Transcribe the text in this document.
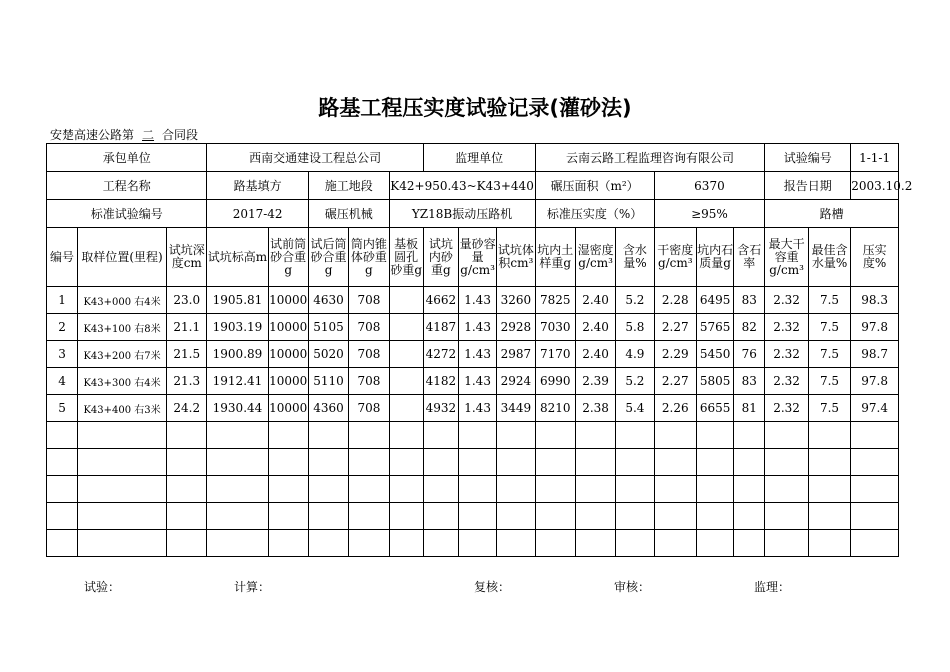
路基工程压实度试验记录(灌砂法)
安楚高速公路第 二 合同段
承包单位			西南交通建设工程总公司					监理单位			云南云路工程监理咨询有限公司						试验编号		1-1-1
工程名称			路基填方		施工地段		K42+950.43~K43+440				碾压面积（m²）			6370			报告日期		2003.10.2
标准试验编号			2017-42		碾压机械		YZ18B振动压路机				标准压实度（%）			≥95%			路槽		
编号	取样位置(里程)	试坑深度cm	试坑标高m	试前筒砂合重g	试后筒砂合重g	筒内锥体砂重g	基板圆孔砂重g	试坑内砂重g	量砂容量g/cm³	试坑体积cm³	坑内土样重g	湿密度g/cm³	含水量%	干密度g/cm³	坑内石质量g	含石率	最大干容重g/cm³	最佳含水量%	压实度%
1	K43+000 右4米	23.0	1905.81	10000	4630	708		4662	1.43	3260	7825	2.40	5.2	2.28	6495	83	2.32	7.5	98.3
2	K43+100 右8米	21.1	1903.19	10000	5105	708		4187	1.43	2928	7030	2.40	5.8	2.27	5765	82	2.32	7.5	97.8
3	K43+200 右7米	21.5	1900.89	10000	5020	708		4272	1.43	2987	7170	2.40	4.9	2.29	5450	76	2.32	7.5	98.7
4	K43+300 右4米	21.3	1912.41	10000	5110	708		4182	1.43	2924	6990	2.39	5.2	2.27	5805	83	2.32	7.5	97.8
5	K43+400 右3米	24.2	1930.44	10000	4360	708		4932	1.43	3449	8210	2.38	5.4	2.26	6655	81	2.32	7.5	97.4

试验：	计算：	复核：	审核：	监理：
